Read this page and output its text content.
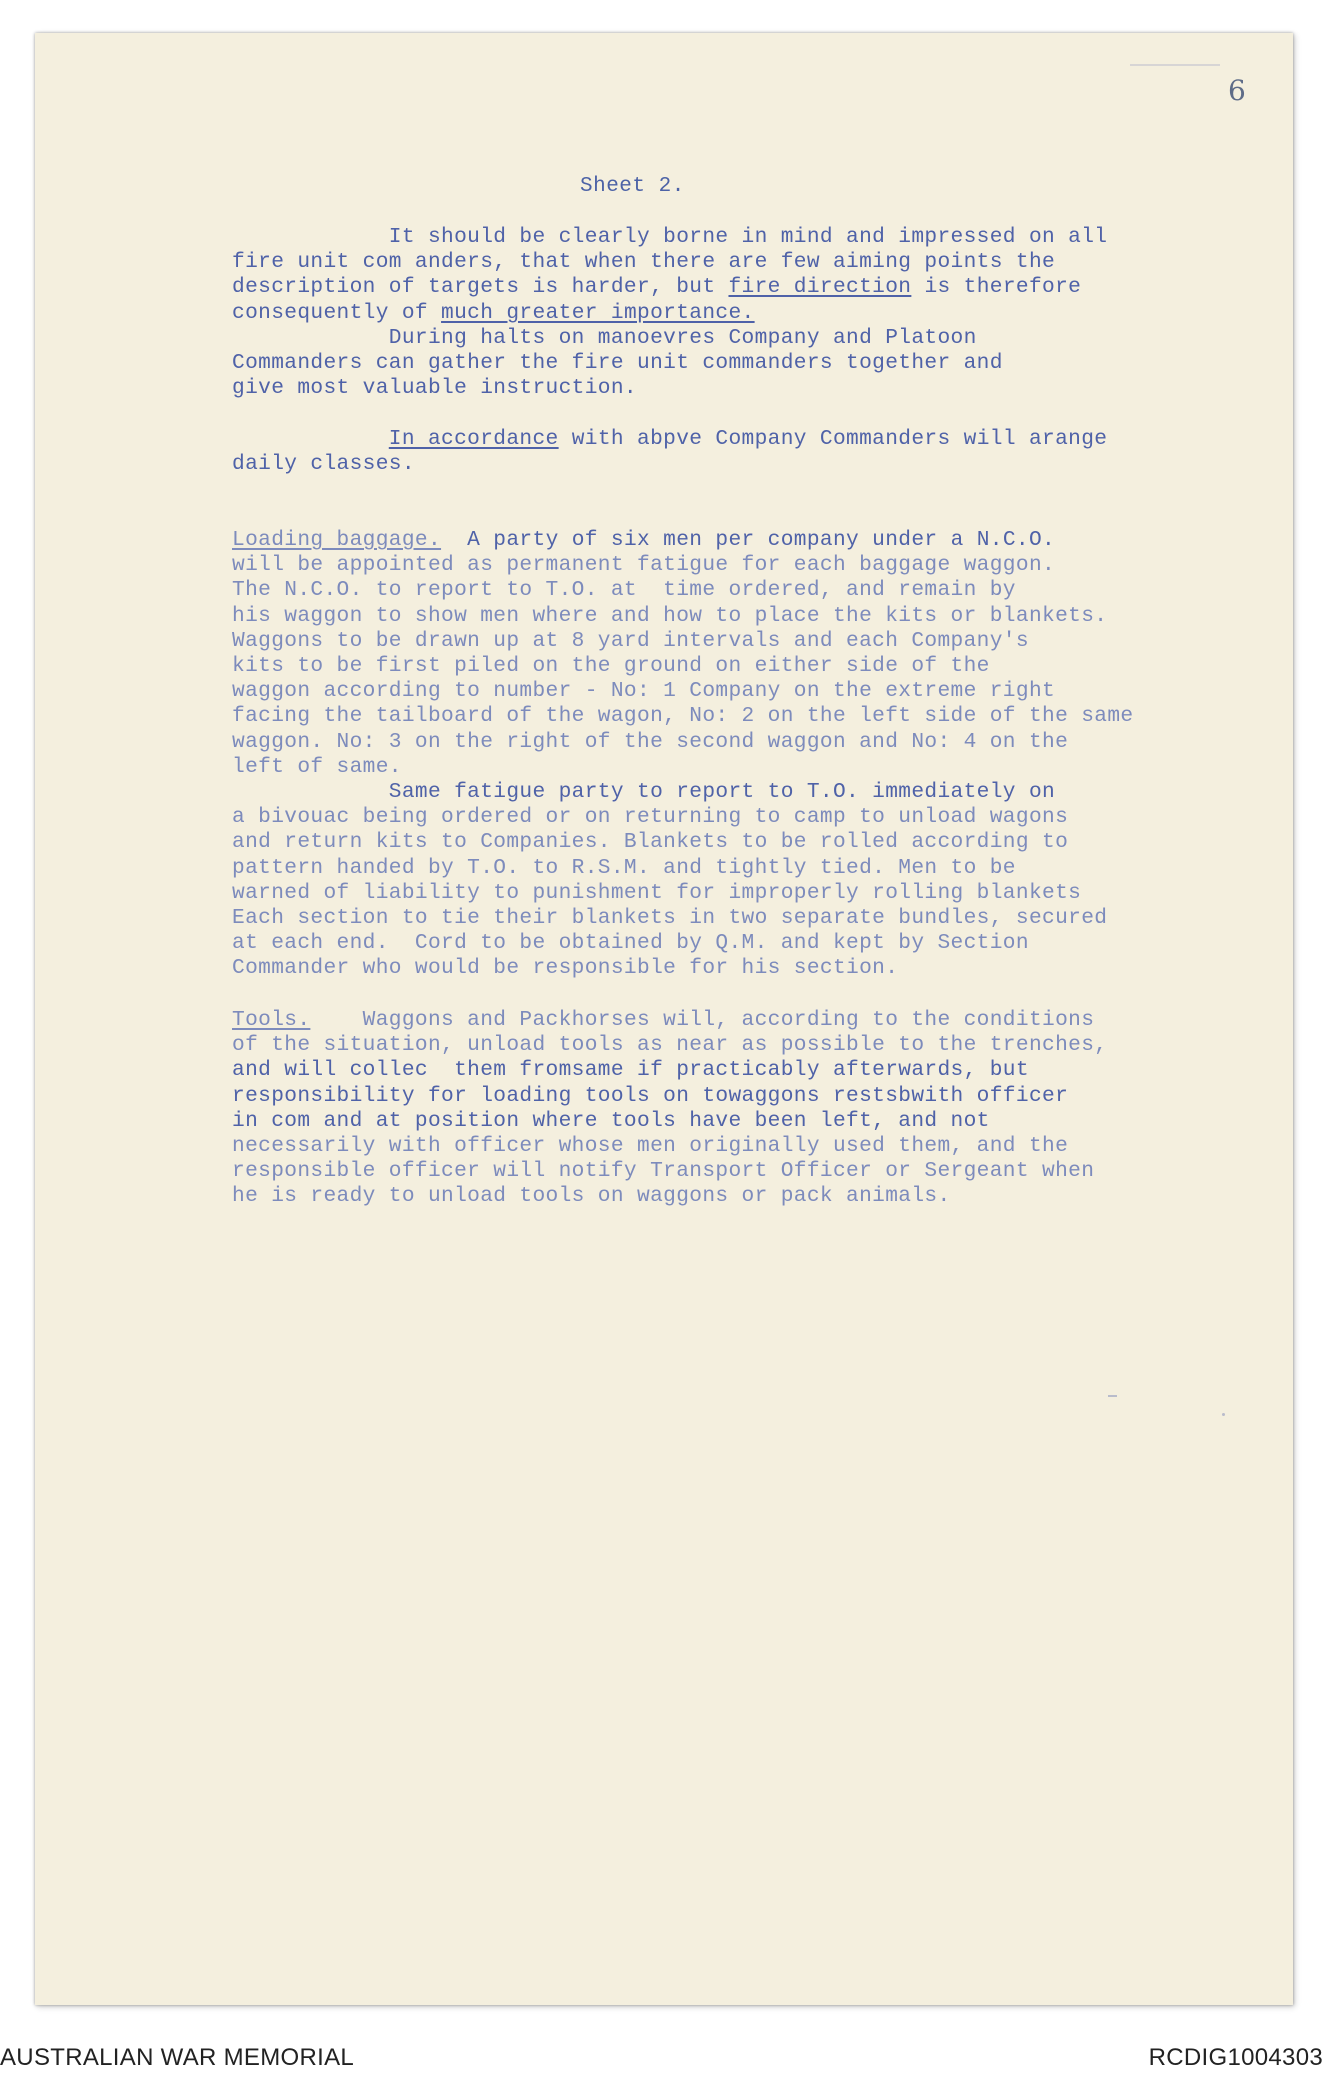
6
Sheet 2.
It should be clearly borne in mind and impressed on all
fire unit com anders, that when there are few aiming points the
description of targets is harder, but fire direction is therefore
consequently of much greater importance.
During halts on manoevres Company and Platoon
Commanders can gather the fire unit commanders together and
give most valuable instruction.
In accordance with abpve Company Commanders will arange
daily classes.
Loading baggage.  A party of six men per company under a N.C.O.
will be appointed as permanent fatigue for each baggage waggon.
The N.C.O. to report to T.O. at  time ordered, and remain by
his waggon to show men where and how to place the kits or blankets.
Waggons to be drawn up at 8 yard intervals and each Company's
kits to be first piled on the ground on either side of the
waggon according to number - No: 1 Company on the extreme right
facing the tailboard of the wagon, No: 2 on the left side of the same
waggon. No: 3 on the right of the second waggon and No: 4 on the
left of same.
Same fatigue party to report to T.O. immediately on
a bivouac being ordered or on returning to camp to unload wagons
and return kits to Companies. Blankets to be rolled according to
pattern handed by T.O. to R.S.M. and tightly tied. Men to be
warned of liability to punishment for improperly rolling blankets
Each section to tie their blankets in two separate bundles, secured
at each end.  Cord to be obtained by Q.M. and kept by Section
Commander who would be responsible for his section.
Tools.    Waggons and Packhorses will, according to the conditions
of the situation, unload tools as near as possible to the trenches,
and will collec  them fromsame if practicably afterwards, but
responsibility for loading tools on towaggons restsbwith officer
in com and at position where tools have been left, and not
necessarily with officer whose men originally used them, and the
responsible officer will notify Transport Officer or Sergeant when
he is ready to unload tools on waggons or pack animals.
AUSTRALIAN WAR MEMORIAL	RCDIG1004303
